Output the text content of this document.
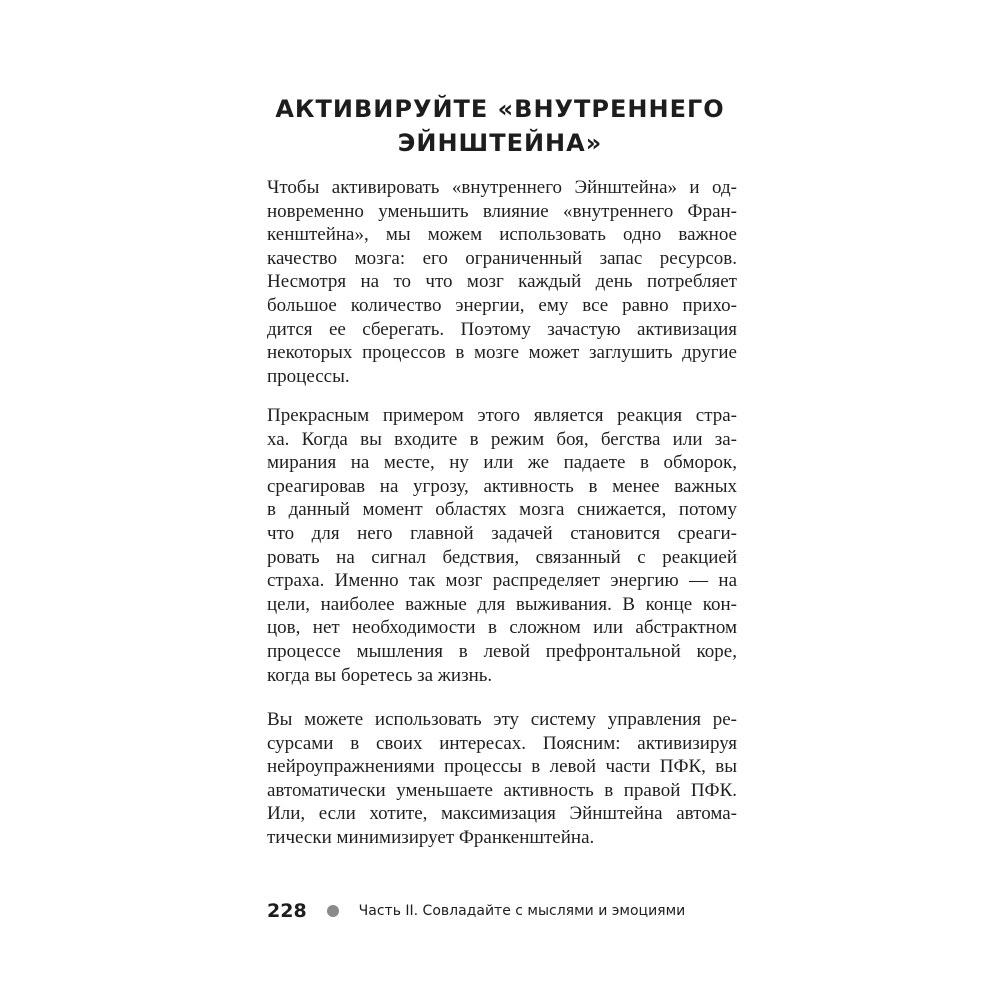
АКТИВИРУЙТЕ «ВНУТРЕННЕГО
ЭЙНШТЕЙНА»
Чтобы активировать «внутреннего Эйнштейна» и од-
новременно уменьшить влияние «внутреннего Фран-
кенштейна», мы можем использовать одно важное
качество мозга: его ограниченный запас ресурсов.
Несмотря на то что мозг каждый день потребляет
большое количество энергии, ему все равно прихо-
дится ее сберегать. Поэтому зачастую активизация
некоторых процессов в мозге может заглушить другие
процессы.
Прекрасным примером этого является реакция стра-
ха. Когда вы входите в режим боя, бегства или за-
мирания на месте, ну или же падаете в обморок,
среагировав на угрозу, активность в менее важных
в данный момент областях мозга снижается, потому
что для него главной задачей становится среаги-
ровать на сигнал бедствия, связанный с реакцией
страха. Именно так мозг распределяет энергию — на
цели, наиболее важные для выживания. В конце кон-
цов, нет необходимости в сложном или абстрактном
процессе мышления в левой префронтальной коре,
когда вы боретесь за жизнь.
Вы можете использовать эту систему управления ре-
сурсами в своих интересах. Поясним: активизируя
нейроупражнениями процессы в левой части ПФК, вы
автоматически уменьшаете активность в правой ПФК.
Или, если хотите, максимизация Эйнштейна автома-
тически минимизирует Франкенштейна.
228	Часть II. Совладайте с мыслями и эмоциями
